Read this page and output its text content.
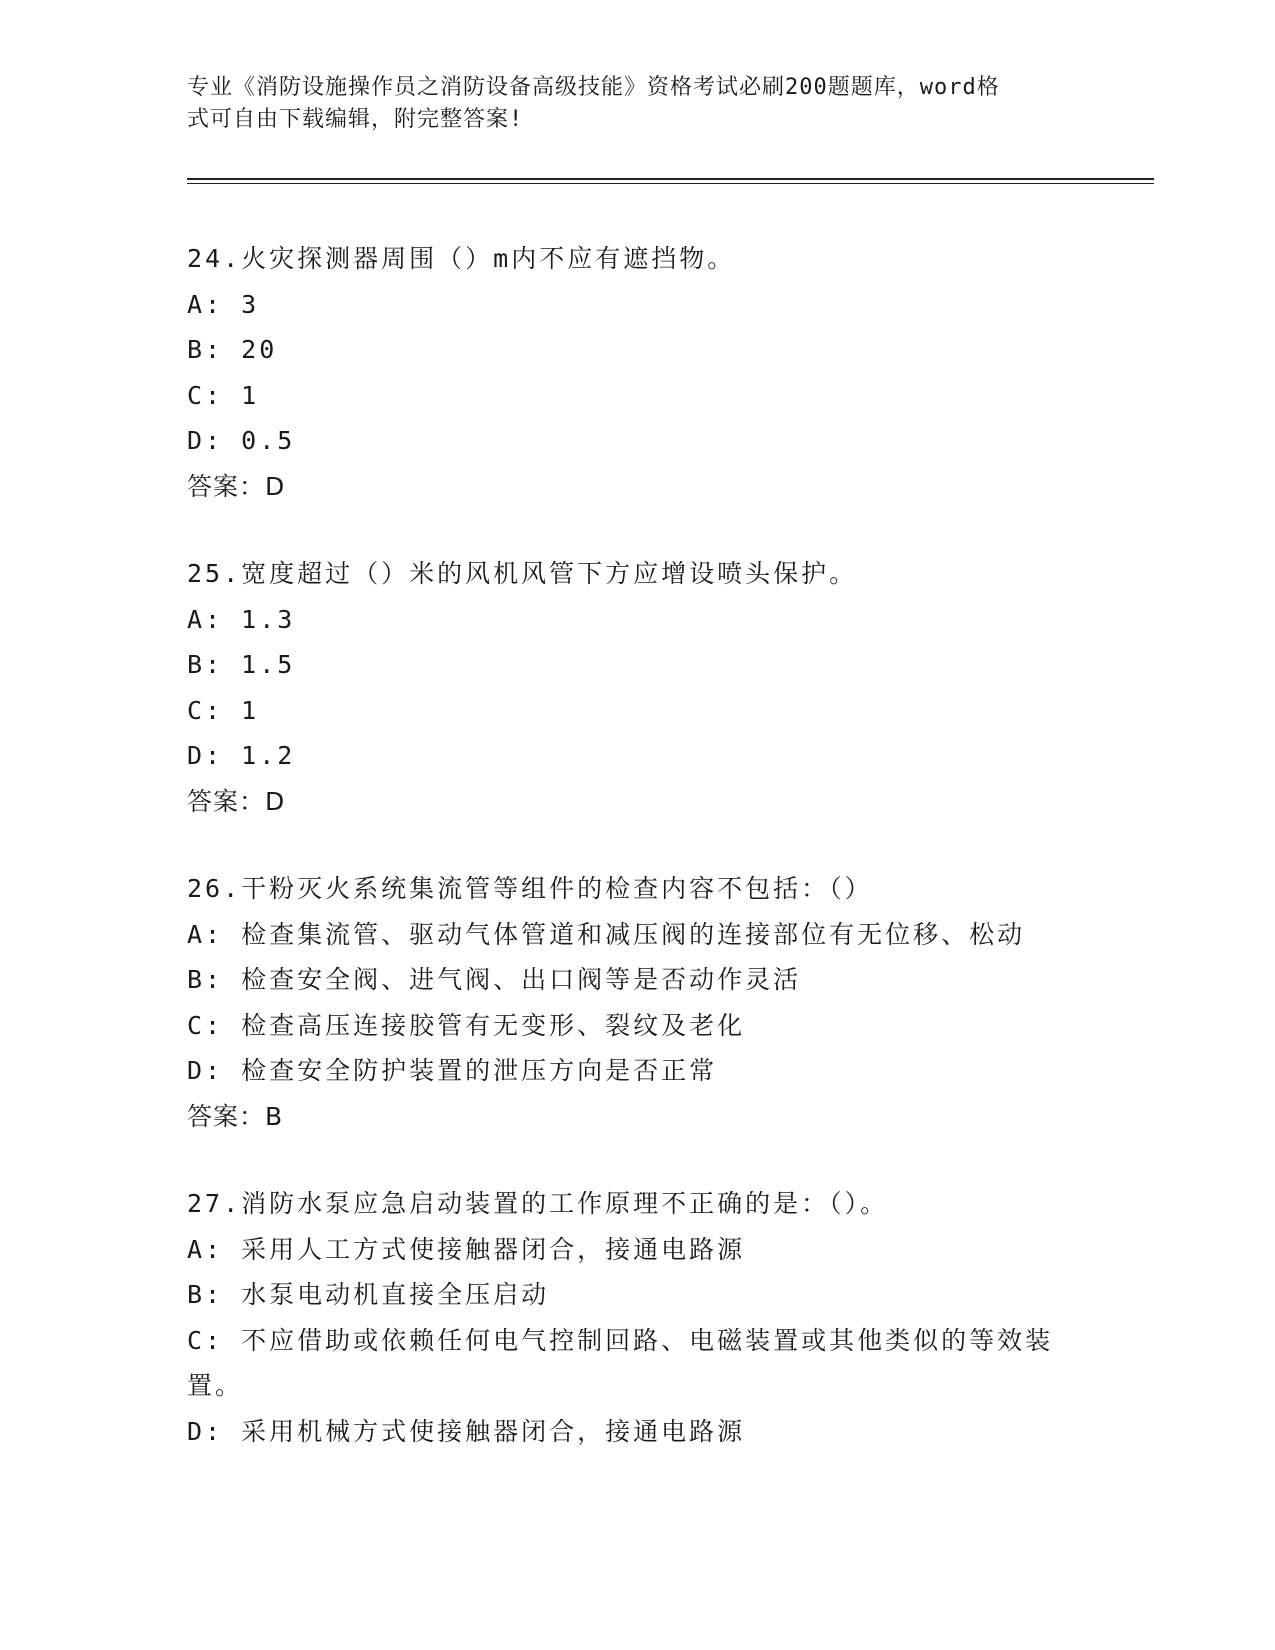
专业《消防设施操作员之消防设备高级技能》资格考试必刷200题题库，word格
式可自由下载编辑，附完整答案!
24.火灾探测器周围（）m内不应有遮挡物。
A: 3
B: 20
C: 1
D: 0.5
答案：D
25.宽度超过（）米的风机风管下方应增设喷头保护。
A: 1.3
B: 1.5
C: 1
D: 1.2
答案：D
26.干粉灭火系统集流管等组件的检查内容不包括：（）
A: 检查集流管、驱动气体管道和减压阀的连接部位有无位移、松动
B: 检查安全阀、进气阀、出口阀等是否动作灵活
C: 检查高压连接胶管有无变形、裂纹及老化
D: 检查安全防护装置的泄压方向是否正常
答案：B
27.消防水泵应急启动装置的工作原理不正确的是：（）。
A: 采用人工方式使接触器闭合，接通电路源
B: 水泵电动机直接全压启动
C: 不应借助或依赖任何电气控制回路、电磁装置或其他类似的等效装置。
D: 采用机械方式使接触器闭合，接通电路源
